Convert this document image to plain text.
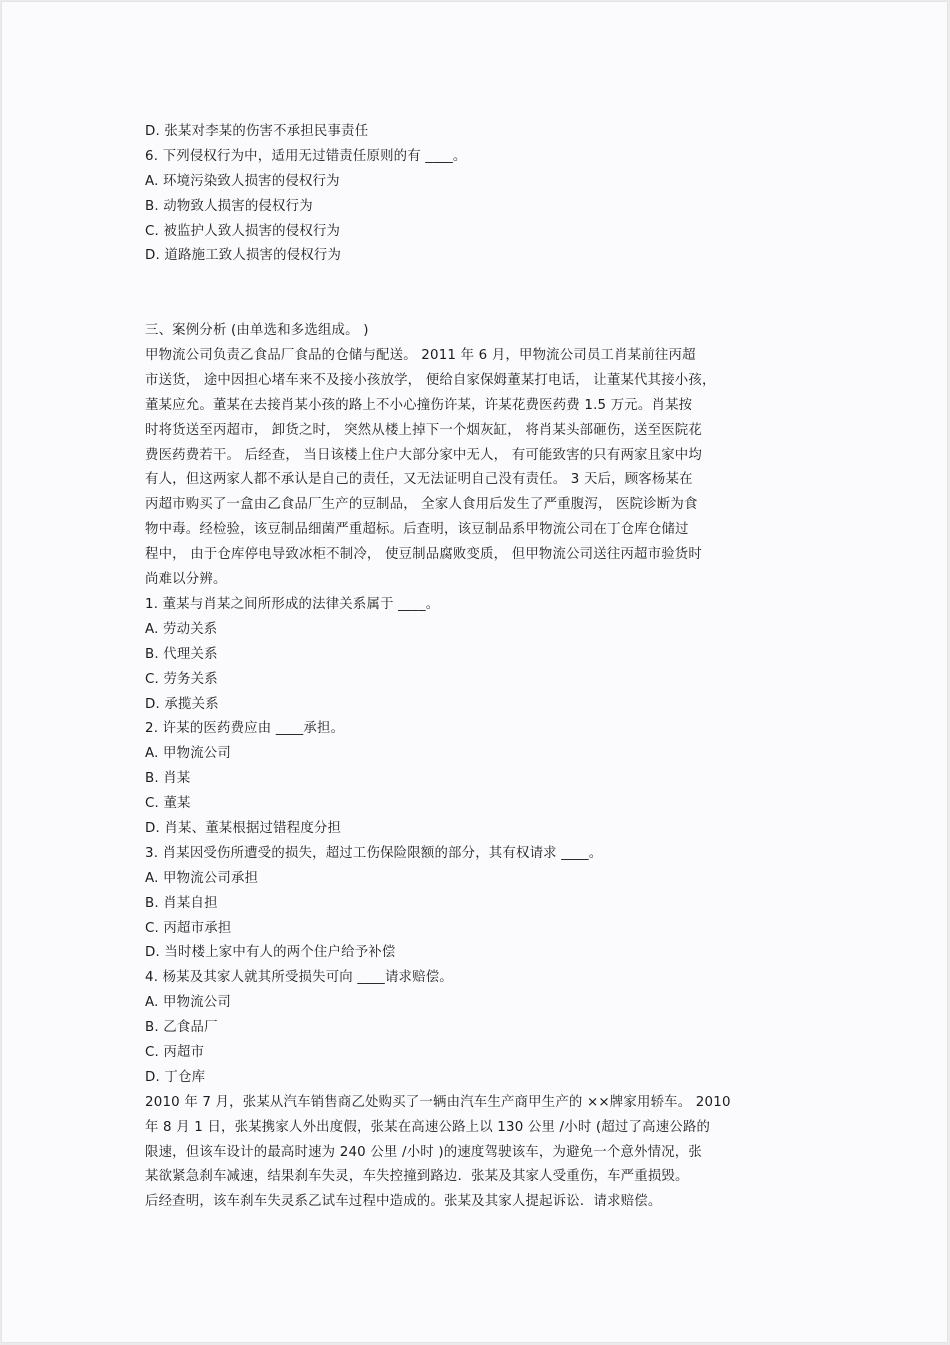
D. 张某对李某的伤害不承担民事责任
6. 下列侵权行为中，适用无过错责任原则的有 ____。
A. 环境污染致人损害的侵权行为
B. 动物致人损害的侵权行为
C. 被监护人致人损害的侵权行为
D. 道路施工致人损害的侵权行为
三、案例分析 (由单选和多选组成。 )
甲物流公司负责乙食品厂食品的仓储与配送。 2011 年 6 月，甲物流公司员工肖某前往丙超
市送货， 途中因担心堵车来不及接小孩放学， 便给自家保姆董某打电话， 让董某代其接小孩，
董某应允。董某在去接肖某小孩的路上不小心撞伤许某，许某花费医药费 1.5 万元。肖某按
时将货送至丙超市， 卸货之时， 突然从楼上掉下一个烟灰缸， 将肖某头部砸伤，送至医院花
费医药费若干。 后经查， 当日该楼上住户大部分家中无人， 有可能致害的只有两家且家中均
有人，但这两家人都不承认是自己的责任，又无法证明自己没有责任。 3 天后，顾客杨某在
丙超市购买了一盒由乙食品厂生产的豆制品， 全家人食用后发生了严重腹泻， 医院诊断为食
物中毒。经检验，该豆制品细菌严重超标。后查明，该豆制品系甲物流公司在丁仓库仓储过
程中， 由于仓库停电导致冰柜不制冷， 使豆制品腐败变质， 但甲物流公司送往丙超市验货时
尚难以分辨。
1. 董某与肖某之间所形成的法律关系属于 ____。
A. 劳动关系
B. 代理关系
C. 劳务关系
D. 承揽关系
2. 许某的医药费应由 ____承担。
A. 甲物流公司
B. 肖某
C. 董某
D. 肖某、董某根据过错程度分担
3. 肖某因受伤所遭受的损失，超过工伤保险限额的部分，其有权请求 ____。
A. 甲物流公司承担
B. 肖某自担
C. 丙超市承担
D. 当时楼上家中有人的两个住户给予补偿
4. 杨某及其家人就其所受损失可向 ____请求赔偿。
A. 甲物流公司
B. 乙食品厂
C. 丙超市
D. 丁仓库
2010 年 7 月，张某从汽车销售商乙处购买了一辆由汽车生产商甲生产的 ××牌家用轿车。 2010
年 8 月 1 日，张某携家人外出度假，张某在高速公路上以 130 公里 /小时 (超过了高速公路的
限速，但该车设计的最高时速为 240 公里 /小时 )的速度驾驶该车，为避免一个意外情况，张
某欲紧急刹车减速，结果刹车失灵，车失控撞到路边．张某及其家人受重伤，车严重损毁。
后经查明，该车刹车失灵系乙试车过程中造成的。张某及其家人提起诉讼．请求赔偿。
